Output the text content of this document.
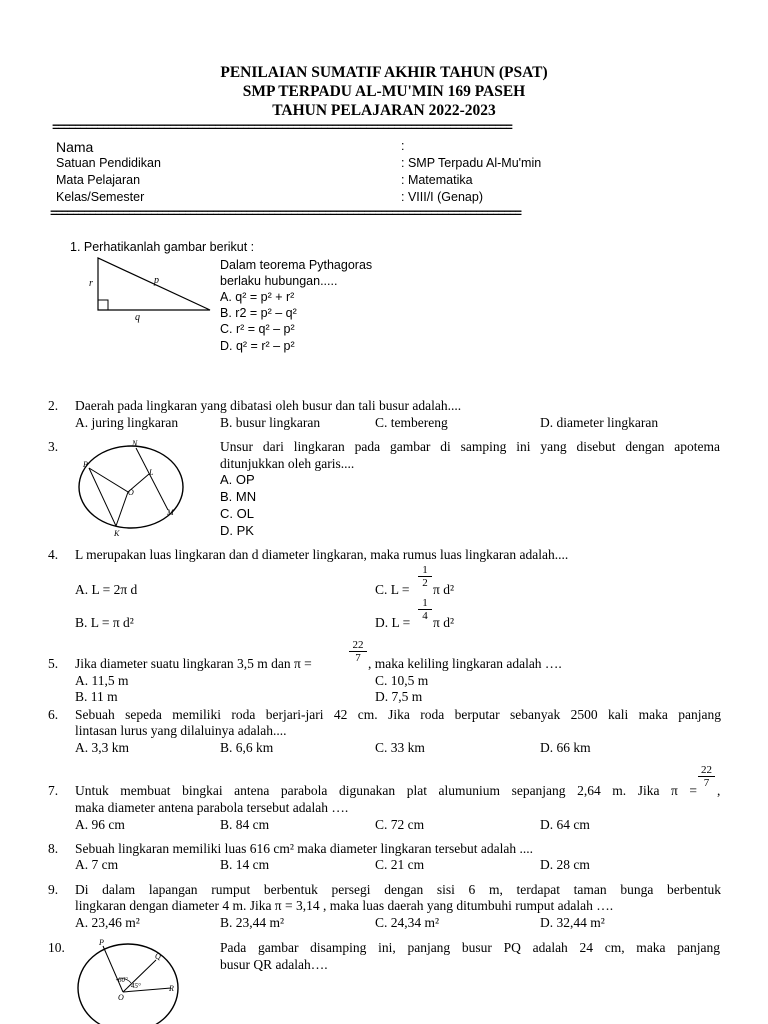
PENILAIAN SUMATIF AKHIR TAHUN (PSAT)
SMP TERPADU AL-MU'MIN 169 PASEH
TAHUN PELAJARAN 2022-2023
==================================================================================
Nama	:
Satuan Pendidikan	: SMP Terpadu Al-Mu'min
Mata Pelajaran	: Matematika
Kelas/Semester	: VIII/I (Genap)
====================================================================================
1. Perhatikanlah gambar berikut :
p
r
q
Dalam teorema Pythagoras
berlaku hubungan.....
A. q² = p² + r²
B. r2 = p² – q²
C. r² = q² – p²
D. q² = r² – p²
2. Daerah pada lingkaran yang dibatasi oleh busur dan tali busur adalah....
A. juring lingkaran	B. busur lingkaran	C. tembereng	D. diameter lingkaran
3.	N
P
L
O
M
K
Unsur dari lingkaran pada gambar di samping ini yang disebut dengan apotema
ditunjukkan oleh garis....
A. OP
B. MN
C. OL
D. PK
4. L merupakan luas lingkaran dan d diameter lingkaran, maka rumus luas lingkaran adalah....
A. L = 2π d
B. L = π d²
C. L =
1
2 π d²
D. L =
1
4 π d²
5. Jika diameter suatu lingkaran 3,5 m dan π =
22
7 , maka keliling lingkaran adalah ….
A. 11,5 m
B. 11 m
C. 10,5 m
D. 7,5 m
6. Sebuah sepeda memiliki roda berjari-jari 42 cm. Jika roda berputar sebanyak 2500 kali maka panjang
lintasan lurus yang dilaluinya adalah....
A. 3,3 km	B. 6,6 km	C. 33 km	D. 66 km
7. Untuk membuat bingkai antena parabola digunakan plat alumunium sepanjang 2,64 m. Jika π =
22
7 ,
maka diameter antena parabola tersebut adalah ….
A. 96 cm	B. 84 cm	C. 72 cm	D. 64 cm
8. Sebuah lingkaran memiliki luas 616 cm² maka diameter lingkaran tersebut adalah ....
A. 7 cm	B. 14 cm	C. 21 cm	D. 28 cm
9. Di dalam lapangan rumput berbentuk persegi dengan sisi 6 m, terdapat taman bunga berbentuk
lingkaran dengan diameter 4 m. Jika π = 3,14 , maka luas daerah yang ditumbuhi rumput adalah ….
A. 23,46 m²	B. 23,44 m²	C. 24,34 m²	D. 32,44 m²
10.	P
Q
R
O
60°
45°
Pada gambar disamping ini, panjang busur PQ adalah 24 cm, maka panjang
busur QR adalah….
